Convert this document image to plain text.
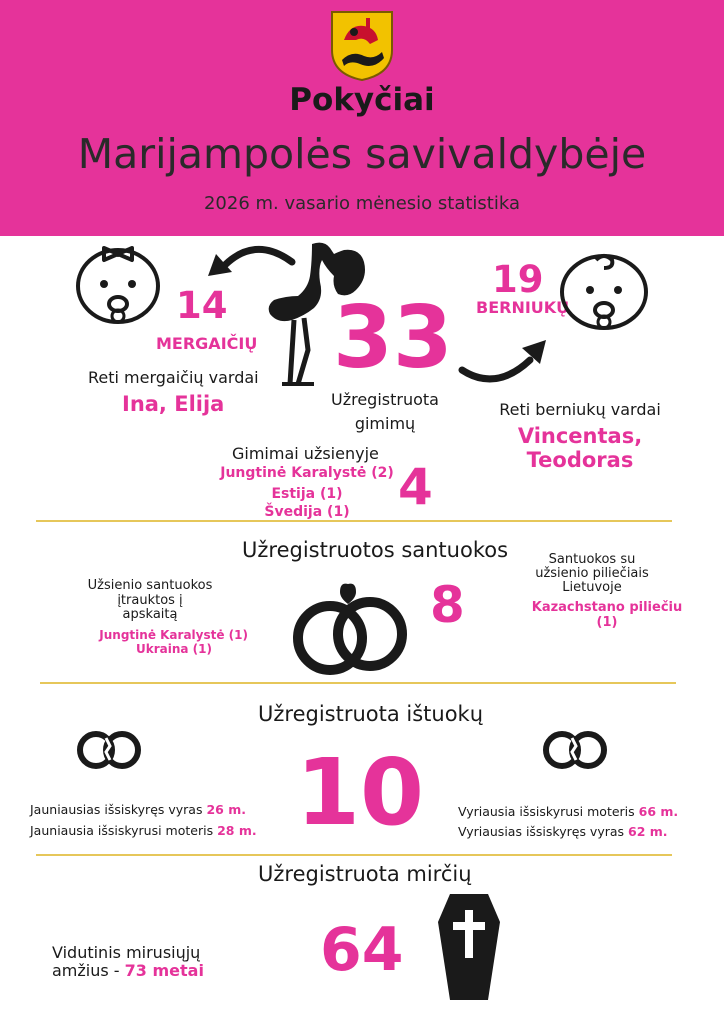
Pokyčiai
Marijampolės savivaldybėje
2026 m. vasario mėnesio statistika
14
MERGAIČIŲ 33
Užregistruota
gimimų
19
BERNIUKŲ
Reti mergaičių vardai
Ina, Elija	Reti berniukų vardai
Vincentas,
Teodoras
Gimimai užsienyje
Jungtinė Karalystė (2)
Estija (1)
Švedija (1) 4
Užregistruotos santuokos
Užsienio santuokos
įtrauktos į
apskaitą
Jungtinė Karalystė (1)
Ukraina (1)
8
Santuokos su
užsienio piliečiais
Lietuvoje
Kazachstano piliečiu (1)
Užregistruota ištuokų
10
Jauniausias išsiskyręs vyras 26 m.
Jauniausia išsiskyrusi moteris 28 m.
Vyriausia išsiskyrusi moteris 66 m.
Vyriausias išsiskyręs vyras 62 m.
Užregistruota mirčių
Vidutinis mirusiųjų
amžius - 73 metai 64
